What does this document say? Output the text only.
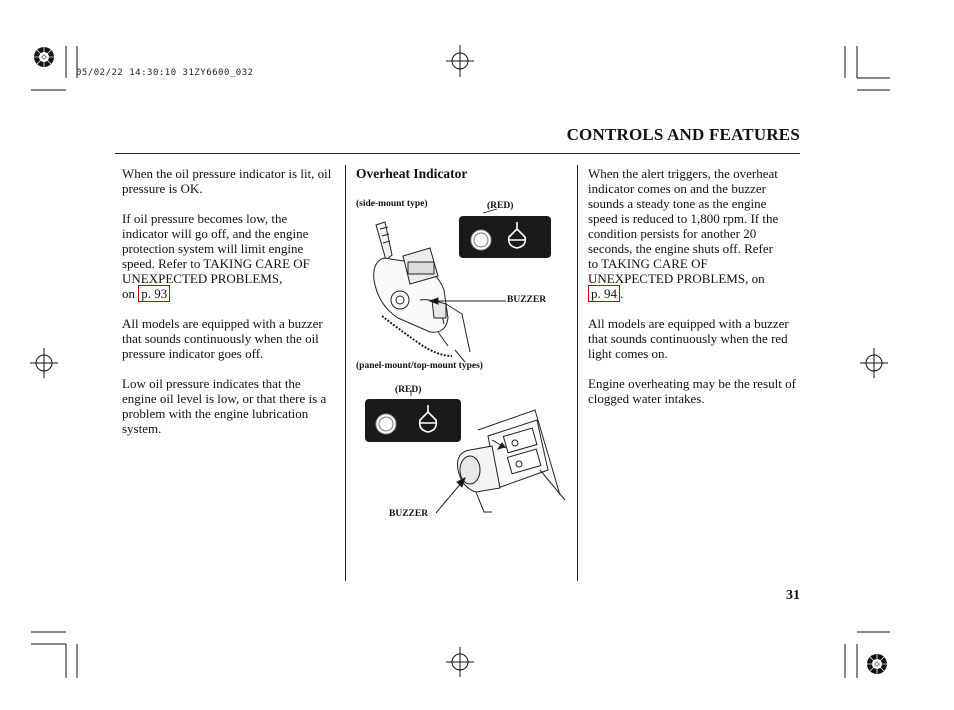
05/02/22 14:30:10 31ZY6600_032
CONTROLS AND FEATURES

When the oil pressure indicator is lit, oil pressure is OK.

If oil pressure becomes low, the
indicator will go off, and the engine
protection system will limit engine
speed. Refer to TAKING CARE OF
UNEXPECTED PROBLEMS,
on p. 93

All models are equipped with a buzzer that sounds continuously when the oil pressure indicator goes off.

Low oil pressure indicates that the engine oil level is low, or that there is a problem with the engine lubrication system.

Overheat Indicator
(side-mount type)	(RED)
BUZZER
(panel-mount/top-mount types)
(RED)
BUZZER

When the alert triggers, the overheat
indicator comes on and the buzzer
sounds a steady tone as the engine
speed is reduced to 1,800 rpm. If the
condition persists for another 20
seconds, the engine shuts off. Refer
to TAKING CARE OF
UNEXPECTED PROBLEMS, on
p. 94 .

All models are equipped with a buzzer that sounds continuously when the red light comes on.

Engine overheating may be the result of clogged water intakes.

31
